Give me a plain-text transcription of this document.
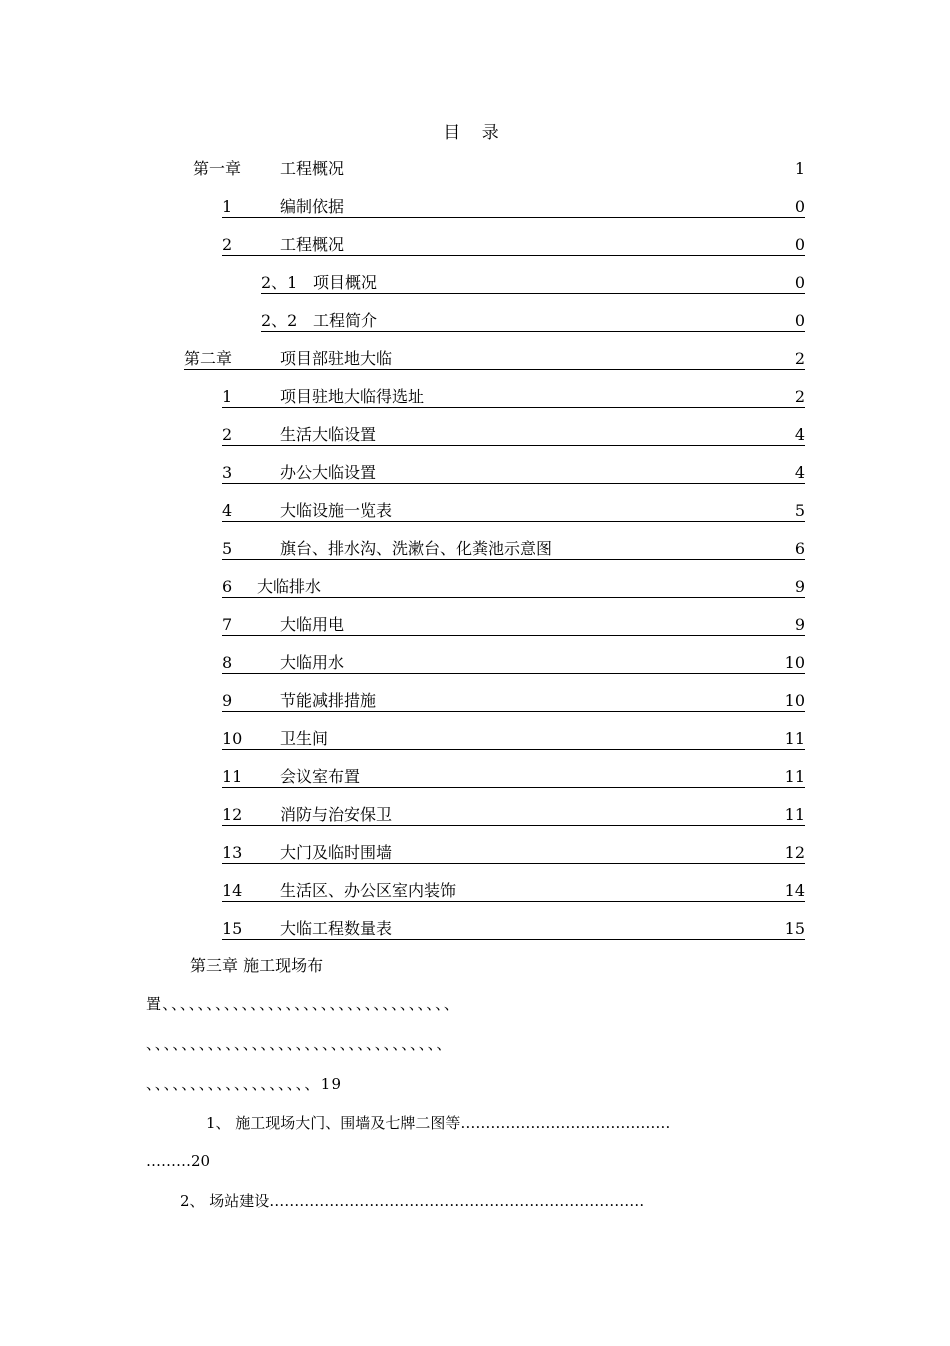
目 录
第一章	工程概况	1
1	编制依据	0
2	工程概况	0
2、1 项目概况	0
2、2 工程简介	0
第二章	项目部驻地大临	2
1	项目驻地大临得选址	2
2	生活大临设置	4
3	办公大临设置	4
4	大临设施一览表	5
5	旗台、排水沟、洗漱台、化粪池示意图	6
6	大临排水	9
7	大临用电	9
8	大临用水	10
9	节能减排措施	10
10	卫生间	11
11	会议室布置	11
12	消防与治安保卫	11
13	大门及临时围墙	12
14	生活区、办公区室内装饰	14
15	大临工程数量表	15
第三章 施工现场布
置、、、、、、、、、、、、、、、、、、、、、、、、、、、、、、、、、
、、、、、、、、、、、、、、、、、、、、、、、、、、、、、、、、、、
、、、、、、、、、、、、、、、、、、、19
1、 施工现场大门、围墙及七牌二图等……………………………………
………20
2、 场站建设…………………………………………………………………
